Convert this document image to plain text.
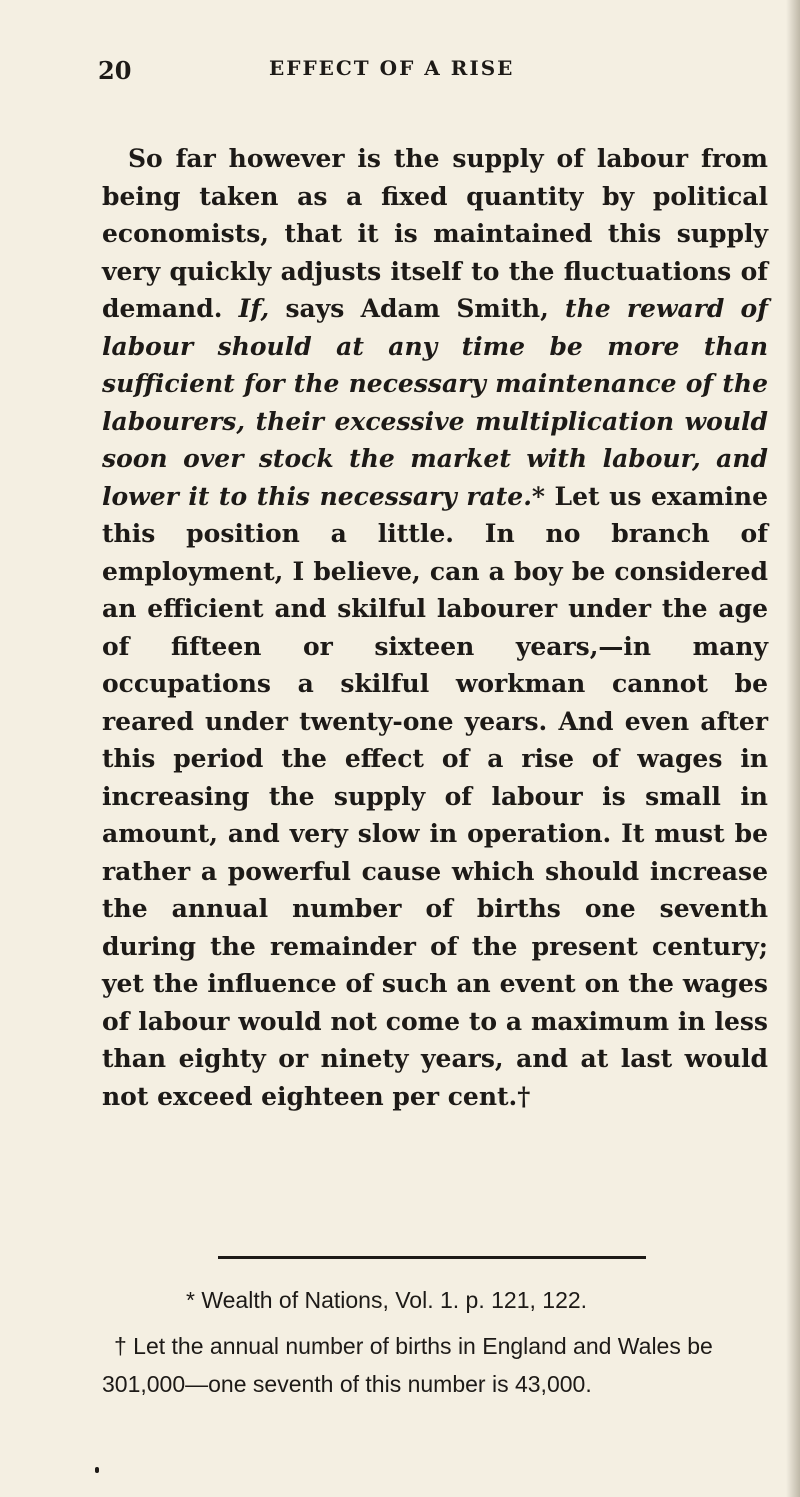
20	EFFECT OF A RISE
So far however is the supply of labour from being taken as a fixed quantity by political economists, that it is maintained this supply very quickly adjusts itself to the fluctuations of demand. If, says Adam Smith, the reward of labour should at any time be more than sufficient for the necessary maintenance of the labourers, their excessive multiplication would soon over stock the market with labour, and lower it to this necessary rate.* Let us examine this position a little. In no branch of employment, I believe, can a boy be considered an efficient and skilful labourer under the age of fifteen or sixteen years,—in many occupations a skilful workman cannot be reared under twenty-one years. And even after this period the effect of a rise of wages in increasing the supply of labour is small in amount, and very slow in operation. It must be rather a powerful cause which should increase the annual number of births one seventh during the remainder of the present century; yet the influence of such an event on the wages of labour would not come to a maximum in less than eighty or ninety years, and at last would not exceed eighteen per cent.†

* Wealth of Nations, Vol. 1. p. 121, 122.

† Let the annual number of births in England and Wales be 301,000—one seventh of this number is 43,000.
